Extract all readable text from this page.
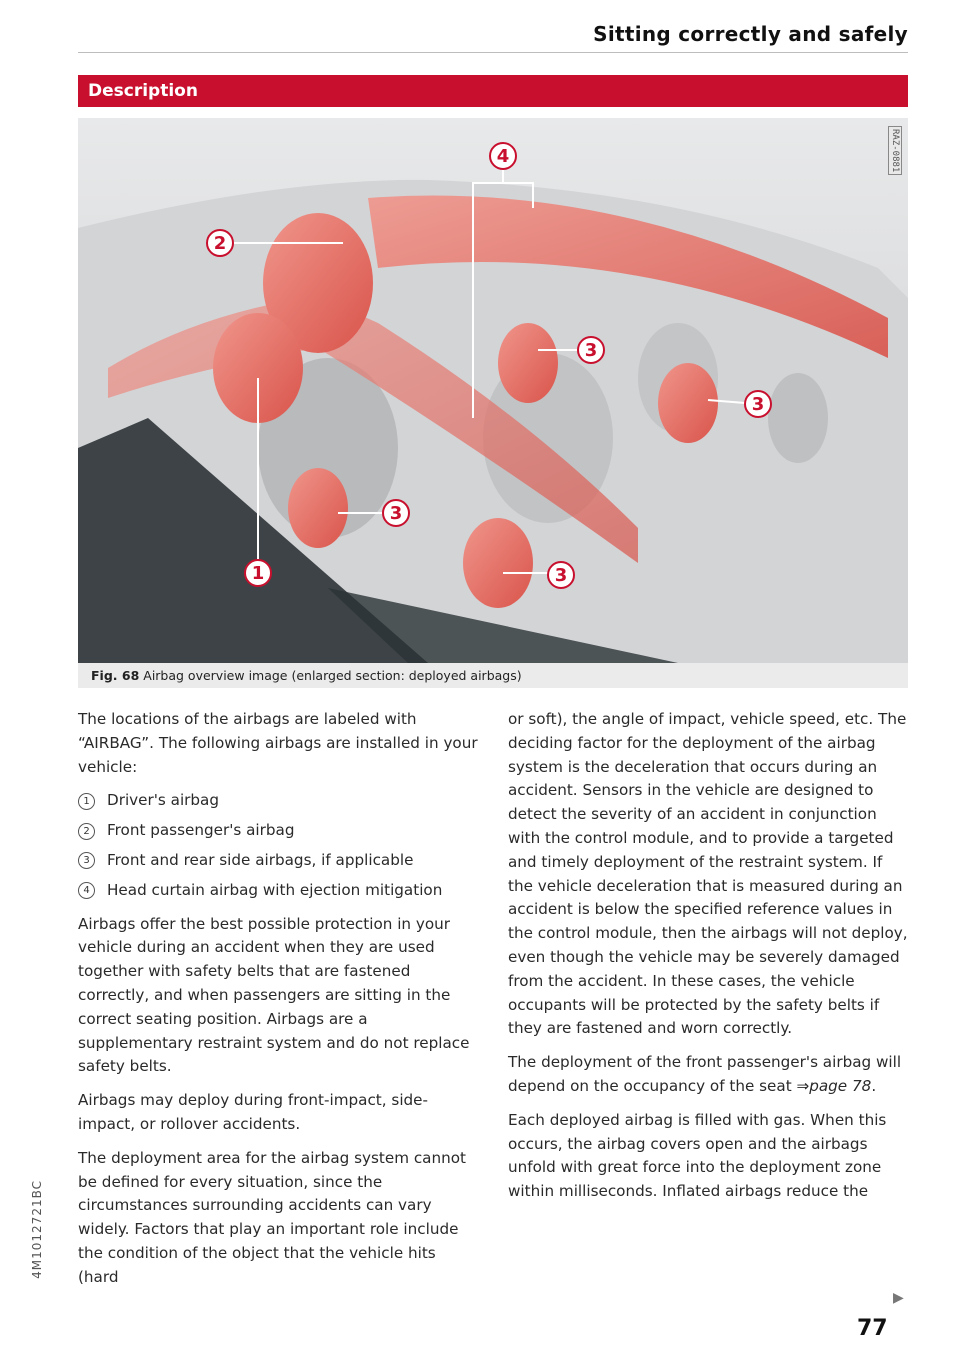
Sitting correctly and safely
Description
4
2
3
3
3
3
1
RAZ-0881
Fig. 68 Airbag overview image (enlarged section: deployed airbags)

The locations of the airbags are labeled with “AIRBAG”. The following airbags are installed in your vehicle:

1	Driver's airbag
2	Front passenger's airbag
3	Front and rear side airbags, if applicable
4	Head curtain airbag with ejection mitigation

Airbags offer the best possible protection in your vehicle during an accident when they are used together with safety belts that are fastened correctly, and when passengers are sitting in the correct seating position. Airbags are a supplementary restraint system and do not replace safety belts.

Airbags may deploy during front-impact, side-impact, or rollover accidents.

The deployment area for the airbag system cannot be defined for every situation, since the circumstances surrounding accidents can vary widely. Factors that play an important role include the condition of the object that the vehicle hits (hard

or soft), the angle of impact, vehicle speed, etc. The deciding factor for the deployment of the airbag system is the deceleration that occurs during an accident. Sensors in the vehicle are designed to detect the severity of an accident in conjunction with the control module, and to provide a targeted and timely deployment of the restraint system. If the vehicle deceleration that is measured during an accident is below the specified reference values in the control module, then the airbags will not deploy, even though the vehicle may be severely damaged from the accident. In these cases, the vehicle occupants will be protected by the safety belts if they are fastened and worn correctly.

The deployment of the front passenger's airbag will depend on the occupancy of the seat ⇒page 78.

Each deployed airbag is filled with gas. When this occurs, the airbag covers open and the airbags unfold with great force into the deployment zone within milliseconds. Inflated airbags reduce the

▶
77
4M1012721BC
